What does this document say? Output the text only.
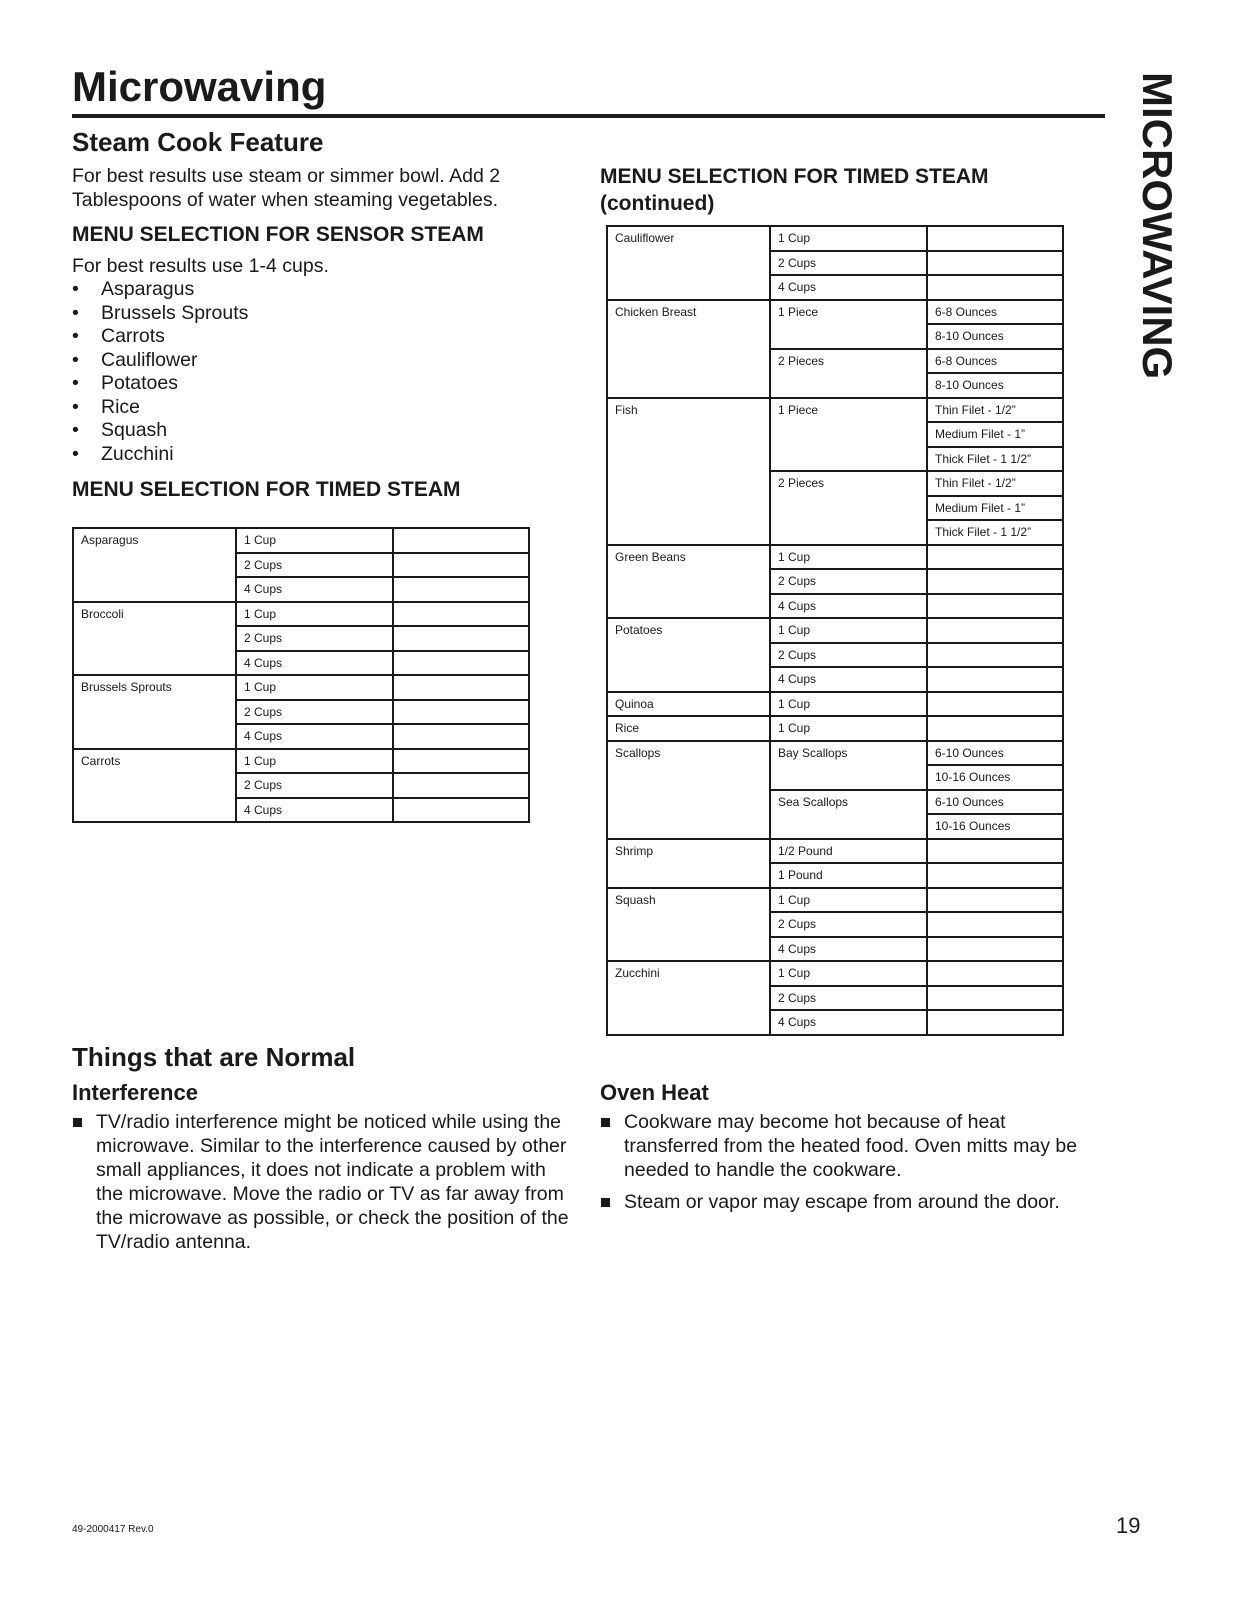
Microwaving	MICROWAVING
Steam Cook Feature

For best results use steam or simmer bowl. Add 2

Tablespoons of water when steaming vegetables.

MENU SELECTION FOR SENSOR STEAM

For best results use 1-4 cups.

• Asparagus
• Brussels Sprouts
• Carrots
• Cauliflower
• Potatoes
• Rice
• Squash
• Zucchini
MENU SELECTION FOR TIMED STEAM
Asparagus	1 Cup	
	2 Cups	
	4 Cups	
Broccoli	1 Cup	
	2 Cups	
	4 Cups	
Brussels Sprouts	1 Cup	
	2 Cups	
	4 Cups	
Carrots	1 Cup	
	2 Cups	
	4 Cups	
MENU SELECTION FOR TIMED STEAM
(continued)
Cauliflower	1 Cup	
	2 Cups	
	4 Cups	
Chicken Breast	1 Piece	6-8 Ounces
		8-10 Ounces
	2 Pieces	6-8 Ounces
		8-10 Ounces
Fish	1 Piece	Thin Filet - 1/2”
		Medium Filet - 1”
		Thick Filet - 1 1/2”
	2 Pieces	Thin Filet - 1/2”
		Medium Filet - 1”
		Thick Filet - 1 1/2”
Green Beans	1 Cup	
	2 Cups	
	4 Cups	
Potatoes	1 Cup	
	2 Cups	
	4 Cups	
Quinoa	1 Cup	
Rice	1 Cup	
Scallops	Bay Scallops	6-10 Ounces
		10-16 Ounces
	Sea Scallops	6-10 Ounces
		10-16 Ounces
Shrimp	1/2 Pound	
	1 Pound	
Squash	1 Cup	
	2 Cups	
	4 Cups	
Zucchini	1 Cup	
	2 Cups	
	4 Cups	
Things that are Normal
Interference
TV/radio interference might be noticed while using the microwave. Similar to the interference caused by other small appliances, it does not indicate a problem with the microwave. Move the radio or TV as far away from the microwave as possible, or check the position of the TV/radio antenna.
Oven Heat
Cookware may become hot because of heat transferred from the heated food. Oven mitts may be needed to handle the cookware.
Steam or vapor may escape from around the door.
49-2000417 Rev.0	19
